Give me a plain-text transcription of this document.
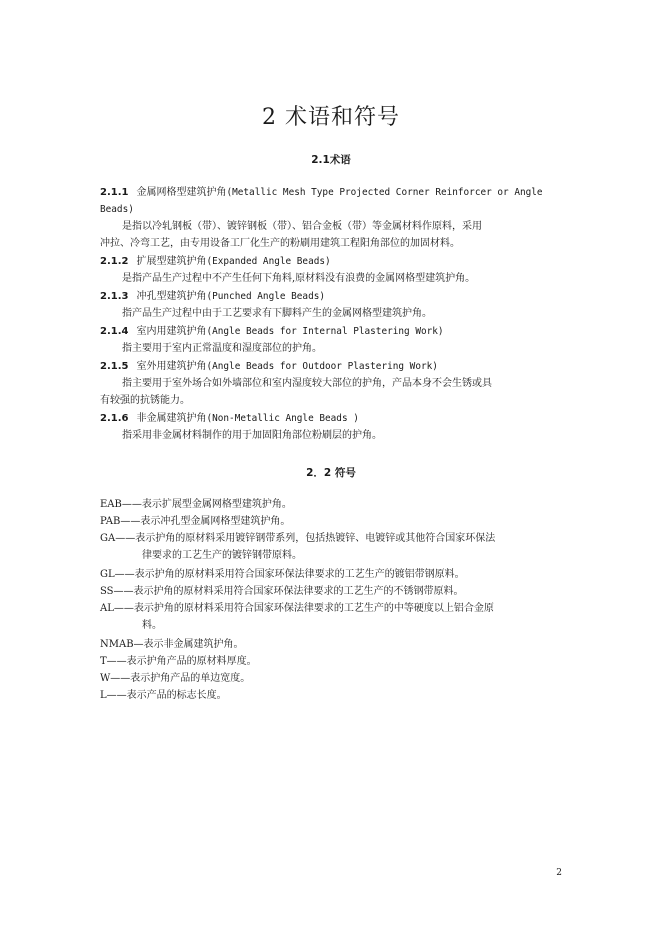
2 术语和符号
2.1术语
2.1.1 金属网格型建筑护角(Metallic Mesh Type Projected Corner Reinforcer or Angle
Beads)
是指以冷轧钢板（带）、镀锌钢板（带）、铝合金板（带）等金属材料作原料，采用
冲拉、冷弯工艺，由专用设备工厂化生产的粉刷用建筑工程阳角部位的加固材料。
2.1.2 扩展型建筑护角(Expanded Angle Beads)
是指产品生产过程中不产生任何下角料,原材料没有浪费的金属网格型建筑护角。
2.1.3 冲孔型建筑护角(Punched Angle Beads)
指产品生产过程中由于工艺要求有下脚料产生的金属网格型建筑护角。
2.1.4 室内用建筑护角(Angle Beads for Internal Plastering Work)
指主要用于室内正常温度和湿度部位的护角。
2.1.5 室外用建筑护角(Angle Beads for Outdoor Plastering Work)
指主要用于室外场合如外墙部位和室内湿度较大部位的护角，产品本身不会生锈或具
有较强的抗锈能力。
2.1.6 非金属建筑护角(Non-Metallic Angle Beads )
指采用非金属材料制作的用于加固阳角部位粉刷层的护角。
2．2 符号
EAB——表示扩展型金属网格型建筑护角。
PAB——表示冲孔型金属网格型建筑护角。
GA——表示护角的原材料采用镀锌钢带系列，包括热镀锌、电镀锌或其他符合国家环保法
律要求的工艺生产的镀锌钢带原料。
GL——表示护角的原材料采用符合国家环保法律要求的工艺生产的镀铝带钢原料。
SS——表示护角的原材料采用符合国家环保法律要求的工艺生产的不锈钢带原料。
AL——表示护角的原材料采用符合国家环保法律要求的工艺生产的中等硬度以上铝合金原
料。
NMAB—表示非金属建筑护角。
T——表示护角产品的原材料厚度。
W——表示护角产品的单边宽度。
L——表示产品的标志长度。
2
